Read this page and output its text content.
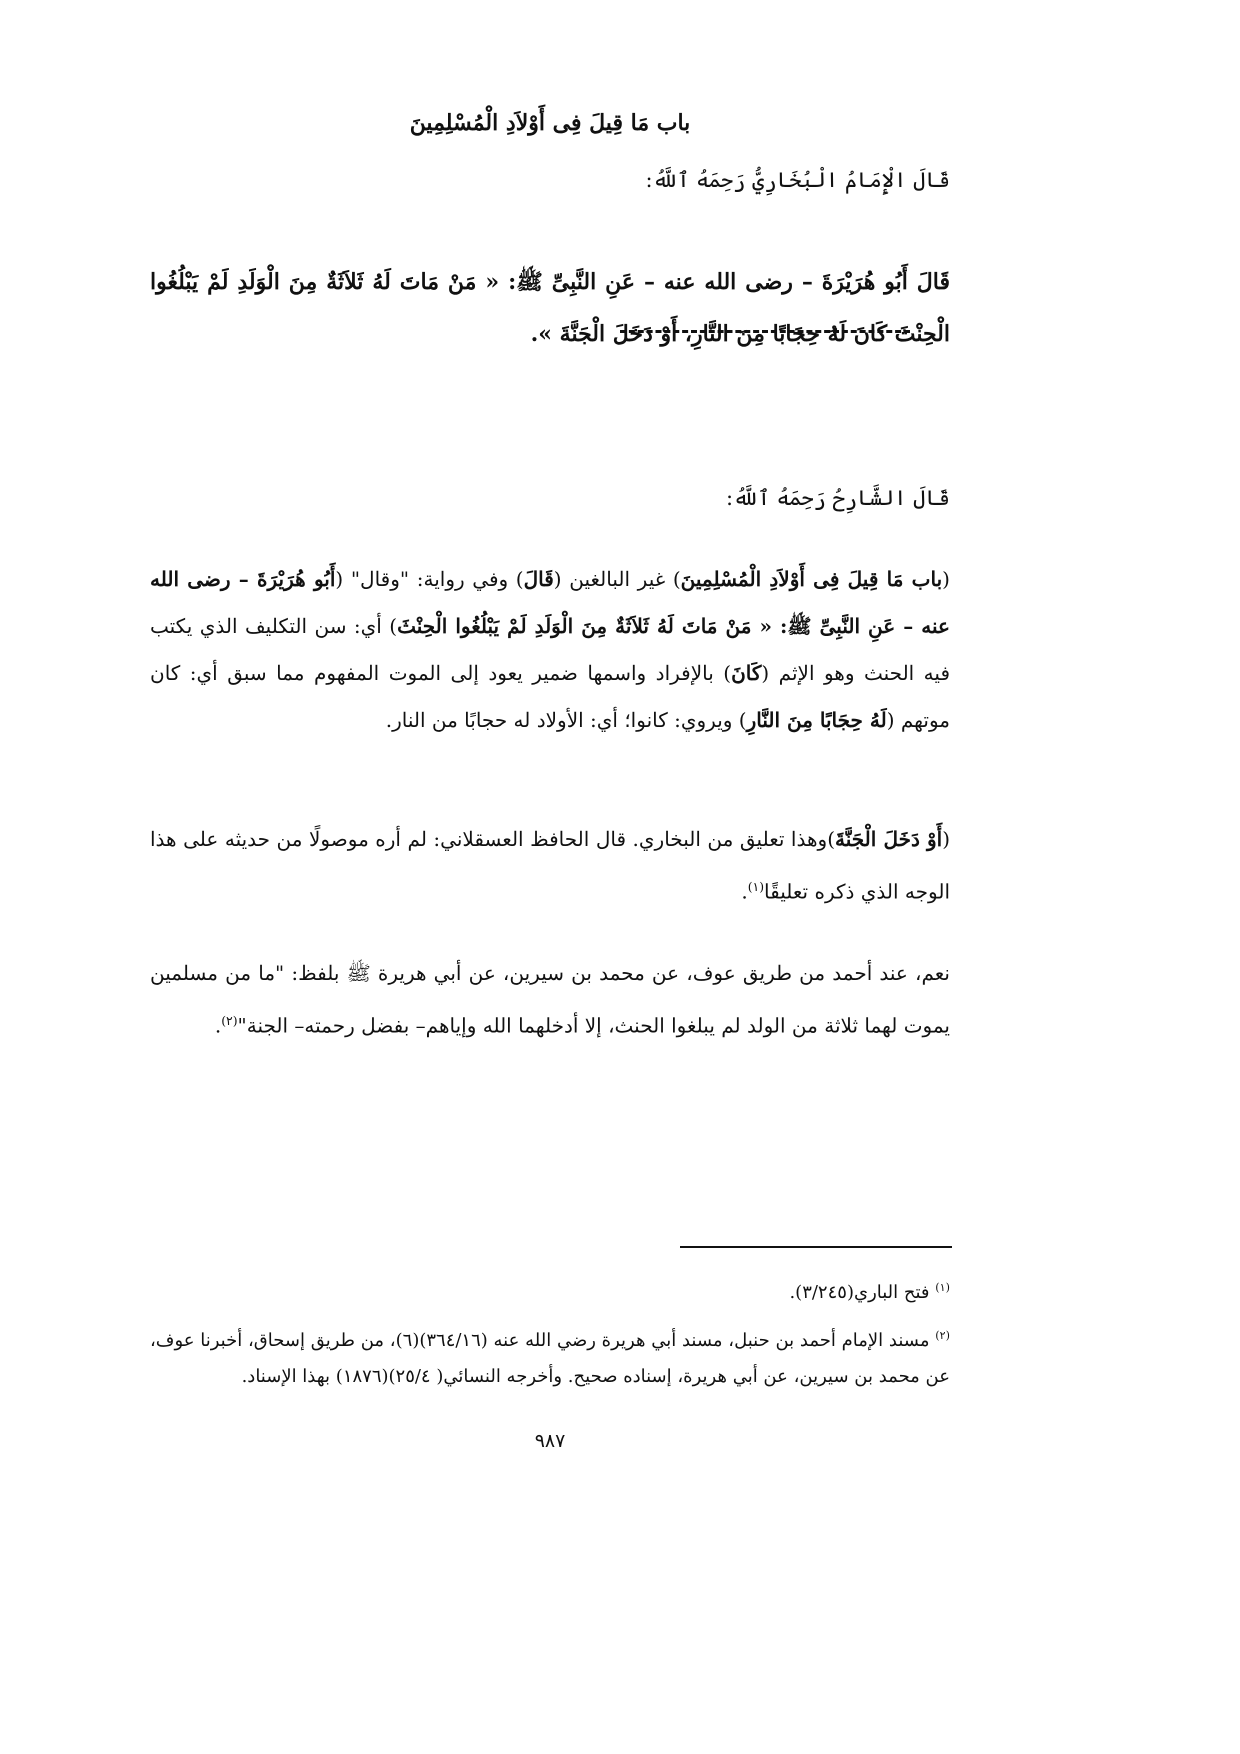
باب مَا قِيلَ فِى أَوْلاَدِ الْمُسْلِمِينَ

قَالَ الْإِمَامُ الْبُخَارِيُّ رَحِمَهُ ٱللَّهُ:

قَالَ أَبُو هُرَيْرَةَ – رضى الله عنه – عَنِ النَّبِىِّ ﷺ: « مَنْ مَاتَ لَهُ ثَلاَثَةٌ مِنَ الْوَلَدِ لَمْ يَبْلُغُوا الْحِنْثَ كَانَ لَهُ حِجَابًا مِنَ النَّارِ، أَوْ دَخَلَ الْجَنَّةَ ».

قَالَ الشَّارِحُ رَحِمَهُ ٱللَّهُ:

(باب مَا قِيلَ فِى أَوْلاَدِ الْمُسْلِمِينَ) غير البالغين (قَالَ) وفي رواية: "وقال" (أَبُو هُرَيْرَةَ – رضى الله عنه – عَنِ النَّبِىِّ ﷺ: « مَنْ مَاتَ لَهُ ثَلاَثَةٌ مِنَ الْوَلَدِ لَمْ يَبْلُغُوا الْحِنْثَ) أي: سن التكليف الذي يكتب فيه الحنث وهو الإثم (كَانَ) بالإفراد واسمها ضمير يعود إلى الموت المفهوم مما سبق أي: كان موتهم (لَهُ حِجَابًا مِنَ النَّارِ) ويروي: كانوا؛ أي: الأولاد له حجابًا من النار.

(أَوْ دَخَلَ الْجَنَّةَ)وهذا تعليق من البخاري. قال الحافظ العسقلاني: لم أره موصولًا من حديثه على هذا الوجه الذي ذكره تعليقًا$^{(١)}$.

نعم، عند أحمد من طريق عوف، عن محمد بن سيرين، عن أبي هريرة ﷺ بلفظ: "ما من مسلمين يموت لهما ثلاثة من الولد لم يبلغوا الحنث، إلا أدخلهما الله وإياهم– بفضل رحمته– الجنة"$^{(٢)}$.

$^{(١)}$ فتح الباري(٣/٢٤٥).

$^{(٢)}$ مسند الإمام أحمد بن حنبل، مسند أبي هريرة رضي الله عنه (٣٦٤/١٦)(٦)، من طريق إسحاق، أخبرنا عوف، عن محمد بن سيرين، عن أبي هريرة، إسناده صحيح. وأخرجه النسائي( ٢٥/٤)(١٨٧٦) بهذا الإسناد.

٩٨٧
